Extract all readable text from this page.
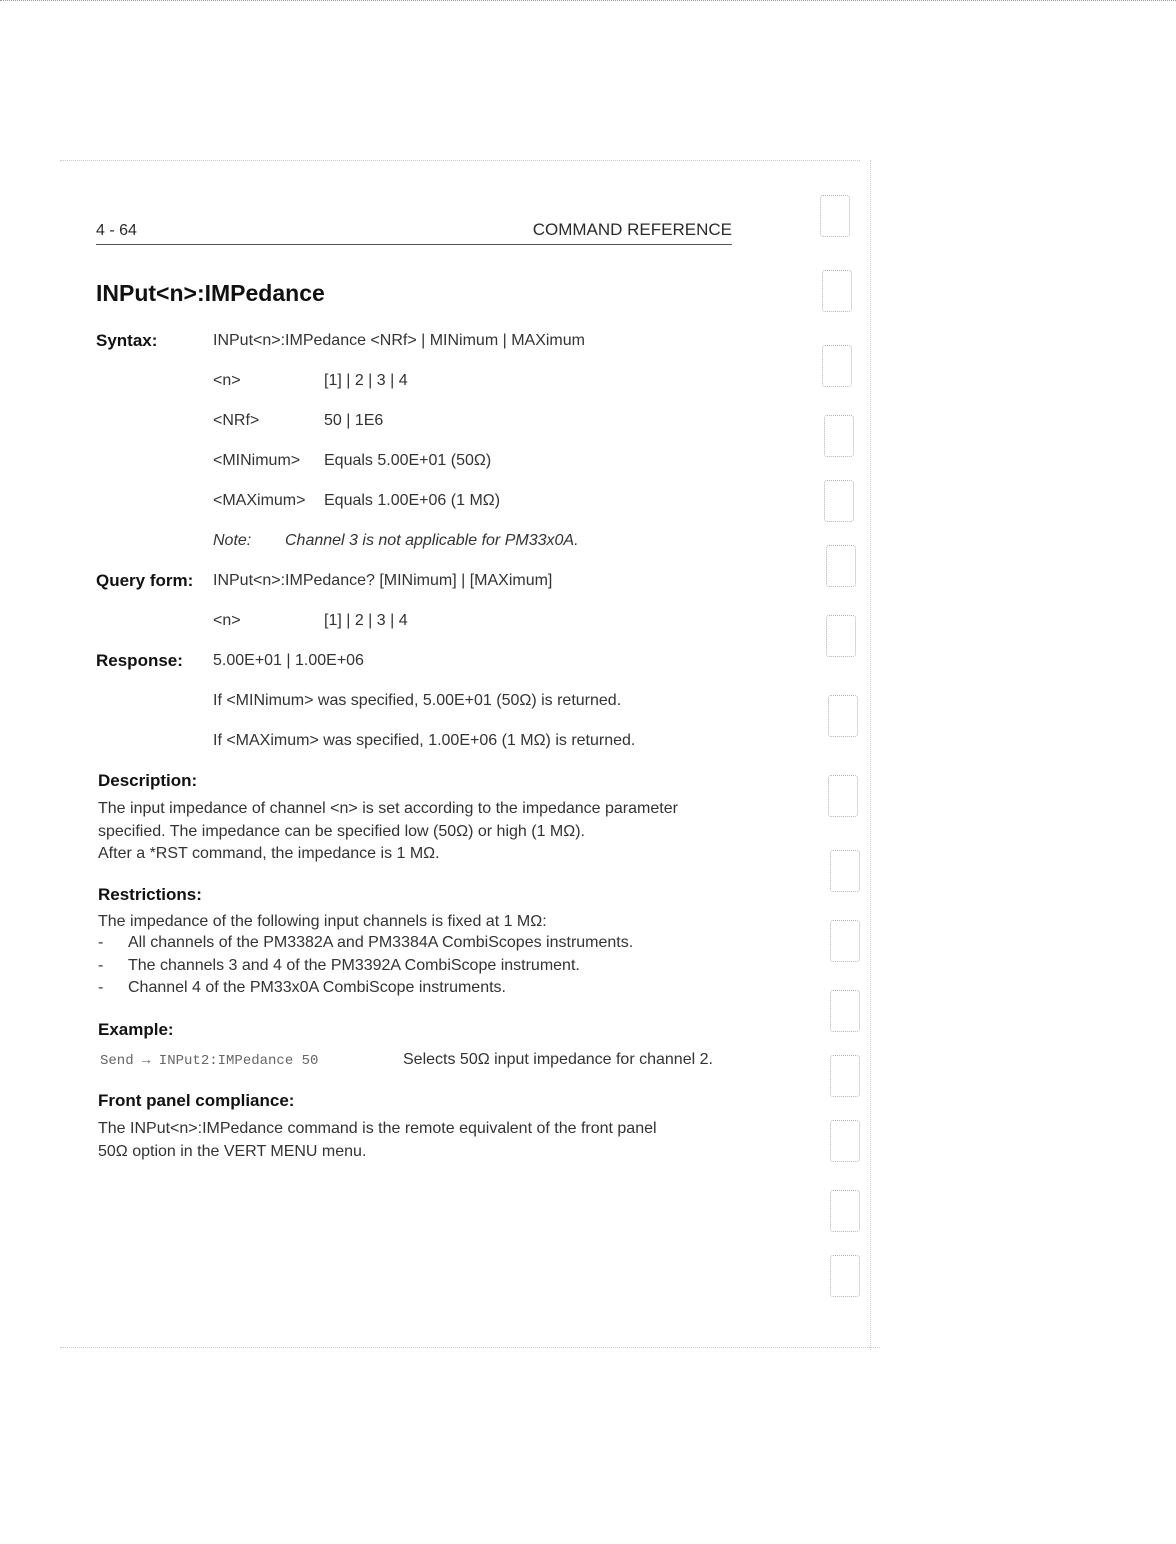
4 - 64	COMMAND REFERENCE
INPut<n>:IMPedance
Syntax:	INPut<n>:IMPedance <NRf> | MINimum | MAXimum
<n>	[1] | 2 | 3 | 4
<NRf>	50 | 1E6
<MINimum> Equals 5.00E+01 (50Ω)
<MAXimum> Equals 1.00E+06 (1 MΩ)
Note: Channel 3 is not applicable for PM33x0A.
Query form: INPut<n>:IMPedance? [MINimum] | [MAXimum]
<n>	[1] | 2 | 3 | 4
Response: 5.00E+01 | 1.00E+06
If <MINimum> was specified, 5.00E+01 (50Ω) is returned.
If <MAXimum> was specified, 1.00E+06 (1 MΩ) is returned.
Description:
The input impedance of channel <n> is set according to the impedance parameter
specified. The impedance can be specified low (50Ω) or high (1 MΩ).
After a *RST command, the impedance is 1 MΩ.
Restrictions:
The impedance of the following input channels is fixed at 1 MΩ:
-	All channels of the PM3382A and PM3384A CombiScopes instruments.
-	The channels 3 and 4 of the PM3392A CombiScope instrument.
-	Channel 4 of the PM33x0A CombiScope instruments.
Example:
Send → INPut2:IMPedance 50	Selects 50Ω input impedance for channel 2.
Front panel compliance:
The INPut<n>:IMPedance command is the remote equivalent of the front panel
50Ω option in the VERT MENU menu.
